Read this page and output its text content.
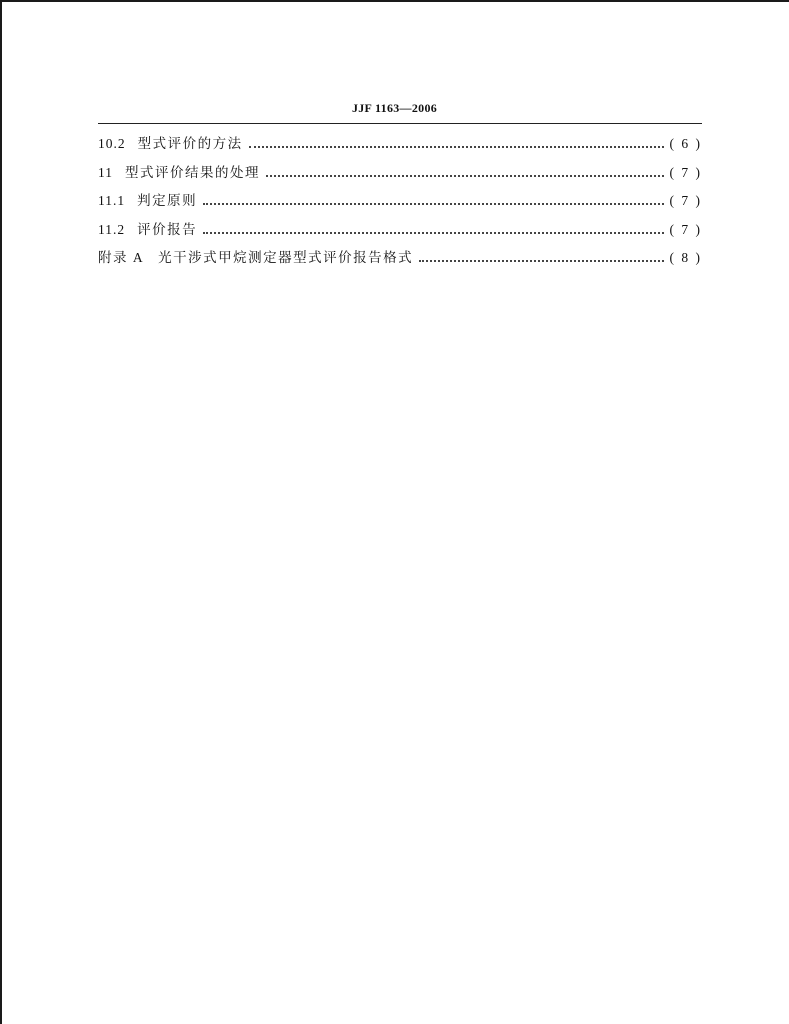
JJF 1163—2006
10.2 型式评价的方法	( 6 )
11 型式评价结果的处理	( 7 )
11.1 判定原则	( 7 )
11.2 评价报告	( 7 )
附录 A	光干涉式甲烷测定器型式评价报告格式	( 8 )
